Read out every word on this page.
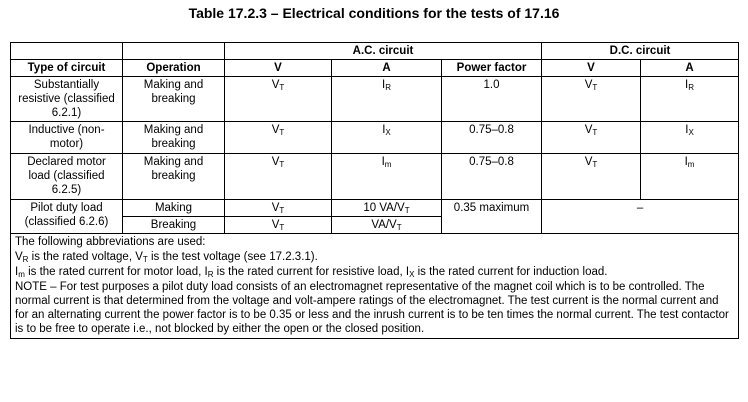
Table 17.2.3 – Electrical conditions for the tests of 17.16
		A.C. circuit			D.C. circuit	
Type of circuit	Operation	V	A	Power factor	V	A
Substantially resistive (classified 6.2.1)	Making and breaking	$V_T$	$I_R$	1.0	$V_T$	$I_R$
Inductive (non-motor)	Making and breaking	$V_T$	$I_X$	0.75–0.8	$V_T$	$I_X$
Declared motor load (classified 6.2.5)	Making and breaking	$V_T$	$I_m$	0.75–0.8	$V_T$	$I_m$
Pilot duty load (classified 6.2.6)	Making	$V_T$	10 $VA/V_T$	0.35 maximum	–	
	Breaking	$V_T$	$VA/V_T$

The following abbreviations are used:

$V_R$ is the rated voltage, $V_T$ is the test voltage (see 17.2.3.1).

$I_m$ is the rated current for motor load, $I_R$ is the rated current for resistive load, $I_X$ is the rated current for induction load.

NOTE – For test purposes a pilot duty load consists of an electromagnet representative of the magnet coil which is to be controlled. The normal current is that determined from the voltage and volt-ampere ratings of the electromagnet. The test current is the normal current and for an alternating current the power factor is to be 0.35 or less and the inrush current is to be ten times the normal current. The test contactor is to be free to operate i.e., not blocked by either the open or the closed position.						
